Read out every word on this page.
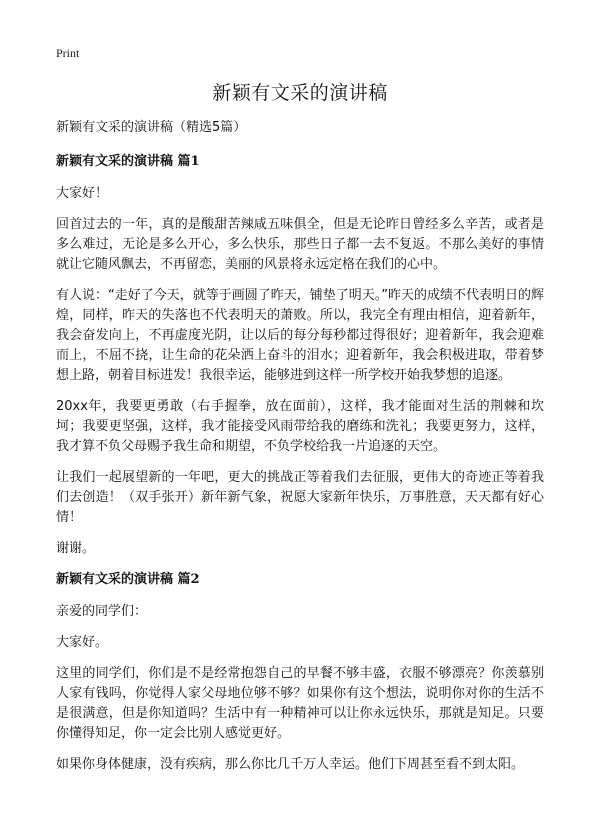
Print
新颖有文采的演讲稿

新颖有文采的演讲稿（精选5篇）

新颖有文采的演讲稿 篇1

大家好！

回首过去的一年，真的是酸甜苦辣咸五味俱全，但是无论昨日曾经多么辛苦，或者是多么难过，无论是多么开心，多么快乐，那些日子都一去不复返。不那么美好的事情就让它随风飘去，不再留恋，美丽的风景将永远定格在我们的心中。

有人说：“走好了今天，就等于画圆了昨天，铺垫了明天。”昨天的成绩不代表明日的辉煌，同样，昨天的失落也不代表明天的萧败。所以，我完全有理由相信，迎着新年，我会奋发向上，不再虚度光阴，让以后的每分每秒都过得很好；迎着新年，我会迎难而上，不屈不挠，让生命的花朵洒上奋斗的泪水；迎着新年，我会积极进取，带着梦想上路，朝着目标进发！我很幸运，能够进到这样一所学校开始我梦想的追逐。

20xx年，我要更勇敢（右手握拳，放在面前），这样，我才能面对生活的荆棘和坎坷；我要更坚强，这样，我才能接受风雨带给我的磨练和洗礼；我要更努力，这样，我才算不负父母赐予我生命和期望，不负学校给我一片追逐的天空。

让我们一起展望新的一年吧，更大的挑战正等着我们去征服，更伟大的奇迹正等着我们去创造！（双手张开）新年新气象，祝愿大家新年快乐，万事胜意，天天都有好心情！

谢谢。

新颖有文采的演讲稿 篇2

亲爱的同学们：

大家好。

这里的同学们，你们是不是经常抱怨自己的早餐不够丰盛，衣服不够漂亮？你羡慕别人家有钱吗，你觉得人家父母地位够不够？如果你有这个想法，说明你对你的生活不是很满意，但是你知道吗？生活中有一种精神可以让你永远快乐，那就是知足。只要你懂得知足，你一定会比别人感觉更好。

如果你身体健康，没有疾病，那么你比几千万人幸运。他们下周甚至看不到太阳。
